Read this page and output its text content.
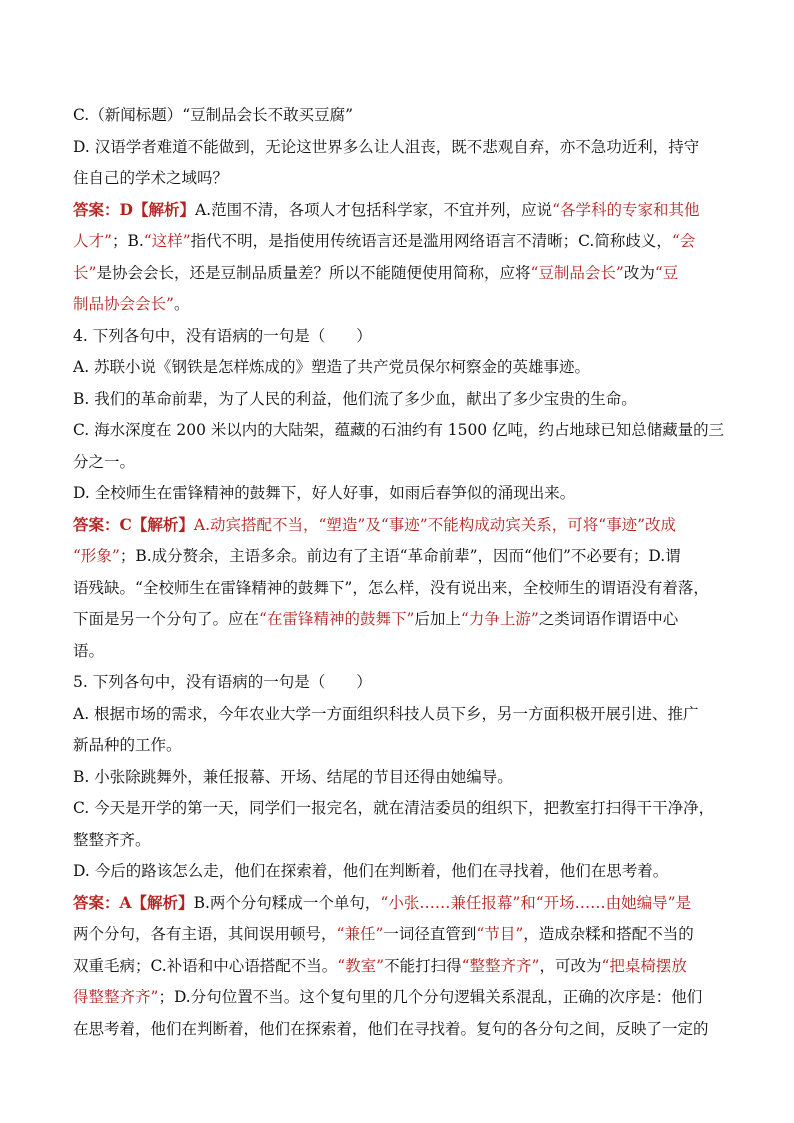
C.（新闻标题）“豆制品会长不敢买豆腐”
D. 汉语学者难道不能做到，无论这世界多么让人沮丧，既不悲观自弃，亦不急功近利，持守
住自己的学术之域吗？
答案：D【解析】A.范围不清，各项人才包括科学家，不宜并列，应说“各学科的专家和其他
人才”；B.“这样”指代不明，是指使用传统语言还是滥用网络语言不清晰；C.简称歧义，“会
长”是协会会长，还是豆制品质量差？所以不能随便使用简称，应将“豆制品会长”改为“豆
制品协会会长”。
4. 下列各句中，没有语病的一句是（　　）
A. 苏联小说《钢铁是怎样炼成的》塑造了共产党员保尔柯察金的英雄事迹。
B. 我们的革命前辈，为了人民的利益，他们流了多少血，献出了多少宝贵的生命。
C. 海水深度在 200 米以内的大陆架，蕴藏的石油约有 1500 亿吨，约占地球已知总储藏量的三
分之一。
D. 全校师生在雷锋精神的鼓舞下，好人好事，如雨后春笋似的涌现出来。
答案：C【解析】A.动宾搭配不当，“塑造”及“事迹”不能构成动宾关系，可将“事迹”改成
“形象”；B.成分赘余，主语多余。前边有了主语“革命前辈”，因而“他们”不必要有；D.谓
语残缺。“全校师生在雷锋精神的鼓舞下”，怎么样，没有说出来，全校师生的谓语没有着落，
下面是另一个分句了。应在“在雷锋精神的鼓舞下”后加上“力争上游”之类词语作谓语中心
语。
5. 下列各句中，没有语病的一句是（　　）
A. 根据市场的需求，今年农业大学一方面组织科技人员下乡，另一方面积极开展引进、推广
新品种的工作。
B. 小张除跳舞外，兼任报幕、开场、结尾的节目还得由她编导。
C. 今天是开学的第一天，同学们一报完名，就在清洁委员的组织下，把教室打扫得干干净净，
整整齐齐。
D. 今后的路该怎么走，他们在探索着，他们在判断着，他们在寻找着，他们在思考着。
答案：A【解析】B.两个分句糅成一个单句，“小张……兼任报幕”和“开场……由她编导”是
两个分句，各有主语，其间误用顿号，“兼任”一词径直管到“节目”，造成杂糅和搭配不当的
双重毛病；C.补语和中心语搭配不当。“教室”不能打扫得“整整齐齐”，可改为“把桌椅摆放
得整整齐齐”；D.分句位置不当。这个复句里的几个分句逻辑关系混乱，正确的次序是：他们
在思考着，他们在判断着，他们在探索着，他们在寻找着。复句的各分句之间，反映了一定的
